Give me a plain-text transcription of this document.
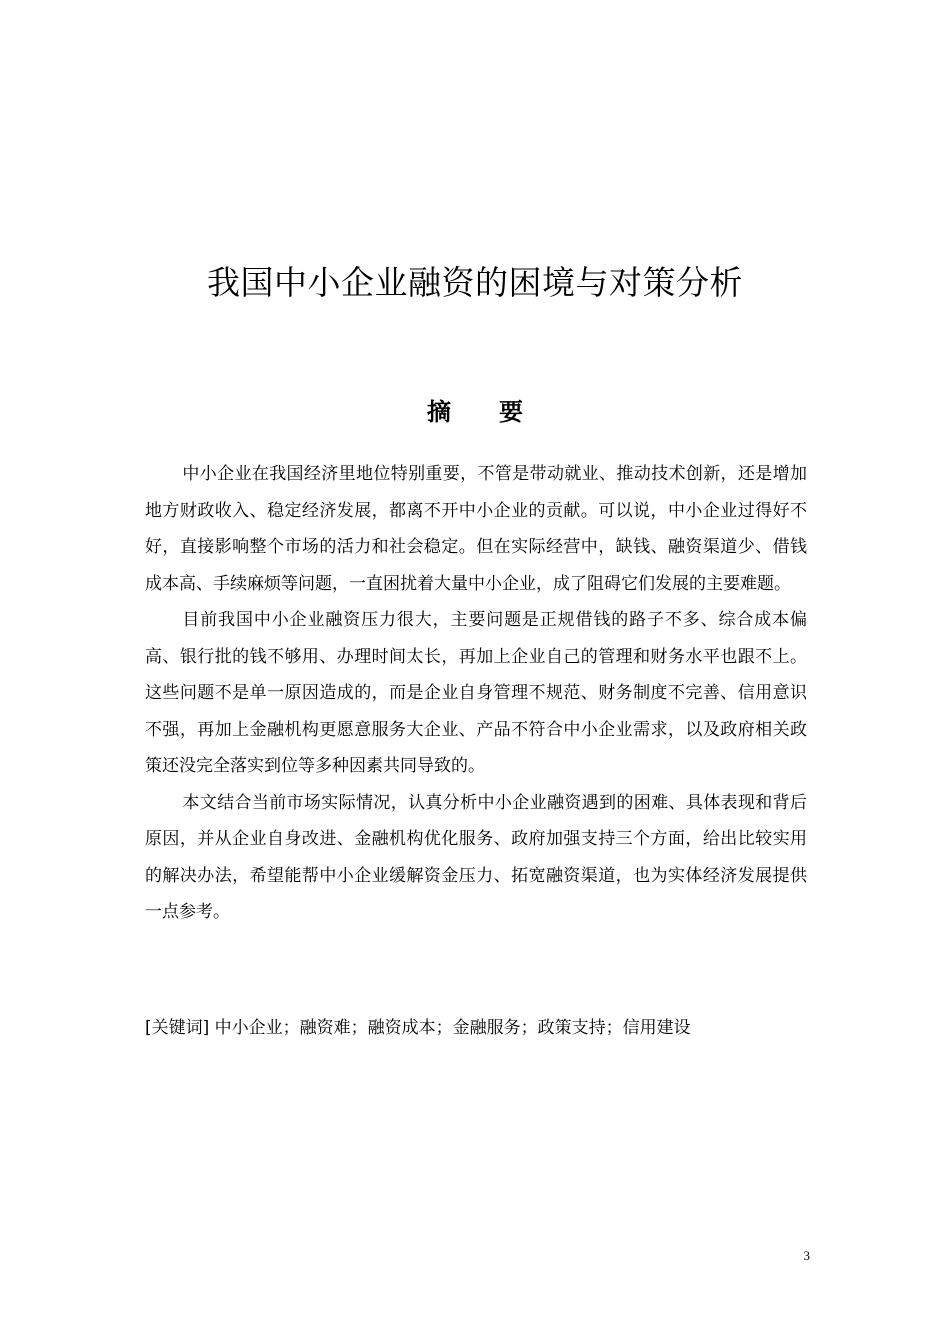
我国中小企业融资的困境与对策分析
摘 要

中小企业在我国经济里地位特别重要，不管是带动就业、推动技术创新，还是增加地方财政收入、稳定经济发展，都离不开中小企业的贡献。可以说，中小企业过得好不好，直接影响整个市场的活力和社会稳定。但在实际经营中，缺钱、融资渠道少、借钱成本高、手续麻烦等问题，一直困扰着大量中小企业，成了阻碍它们发展的主要难题。

目前我国中小企业融资压力很大，主要问题是正规借钱的路子不多、综合成本偏高、银行批的钱不够用、办理时间太长，再加上企业自己的管理和财务水平也跟不上。这些问题不是单一原因造成的，而是企业自身管理不规范、财务制度不完善、信用意识不强，再加上金融机构更愿意服务大企业、产品不符合中小企业需求，以及政府相关政策还没完全落实到位等多种因素共同导致的。

本文结合当前市场实际情况，认真分析中小企业融资遇到的困难、具体表现和背后原因，并从企业自身改进、金融机构优化服务、政府加强支持三个方面，给出比较实用的解决办法，希望能帮中小企业缓解资金压力、拓宽融资渠道，也为实体经济发展提供一点参考。

[关键词] 中小企业；融资难；融资成本；金融服务；政策支持；信用建设
3
